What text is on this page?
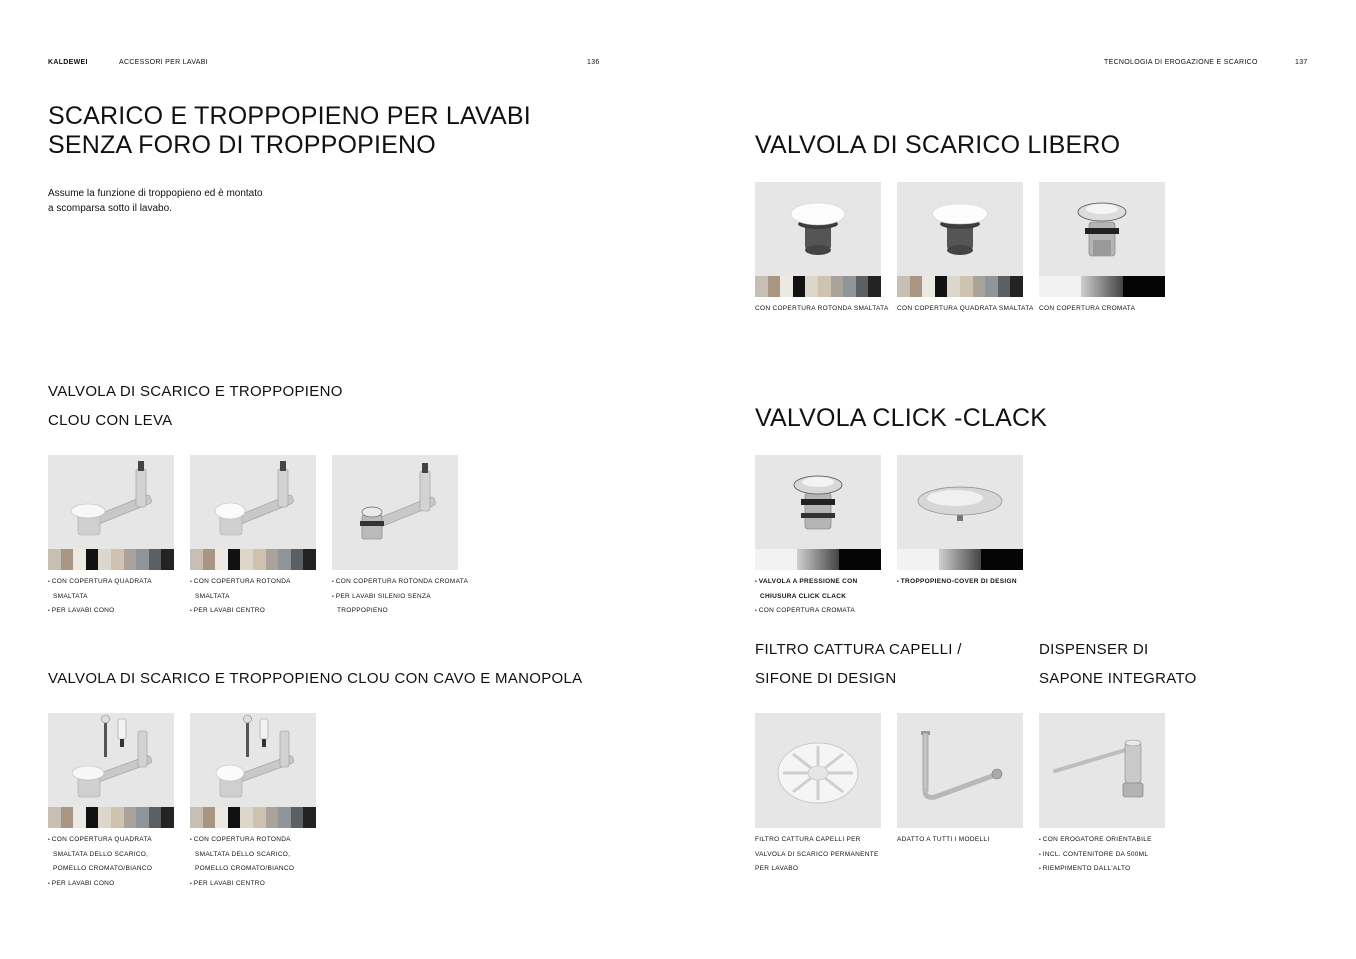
KALDEWEI	ACCESSORI PER LAVABI	136	TECNOLOGIA DI EROGAZIONE E SCARICO	137
SCARICO E TROPPOPIENO PER LAVABI
SENZA FORO DI TROPPOPIENO
Assume la funzione di troppopieno ed è montato
a scomparsa sotto il lavabo.
VALVOLA DI SCARICO E TROPPOPIENO
CLOU CON LEVA
• CON COPERTURA QUADRATA
SMALTATA
• PER LAVABI CONO
• CON COPERTURA ROTONDA
SMALTATA
• PER LAVABI CENTRO
• CON COPERTURA ROTONDA CROMATA
• PER LAVABI SILENIO SENZA
TROPPOPIENO
VALVOLA DI SCARICO E TROPPOPIENO CLOU CON CAVO E MANOPOLA
• CON COPERTURA QUADRATA
SMALTATA DELLO SCARICO,
POMELLO CROMATO/BIANCO
• PER LAVABI CONO
• CON COPERTURA ROTONDA
SMALTATA DELLO SCARICO,
POMELLO CROMATO/BIANCO
• PER LAVABI CENTRO
VALVOLA DI SCARICO LIBERO
CON COPERTURA ROTONDA SMALTATA	CON COPERTURA QUADRATA SMALTATA CON COPERTURA CROMATA
VALVOLA CLICK -CLACK
• VALVOLA A PRESSIONE CON
CHIUSURA CLICK CLACK
• CON COPERTURA CROMATA
• TROPPOPIENO-COVER DI DESIGN
FILTRO CATTURA CAPELLI /
SIFONE DI DESIGN
DISPENSER DI
SAPONE INTEGRATO
FILTRO CATTURA CAPELLI PER
VALVOLA DI SCARICO PERMANENTE
PER LAVABO
ADATTO A TUTTI I MODELLI
•	CON EROGATORE ORIENTABILE
• INCL. CONTENITORE DA 500ML
• RIEMPIMENTO DALL'ALTO
